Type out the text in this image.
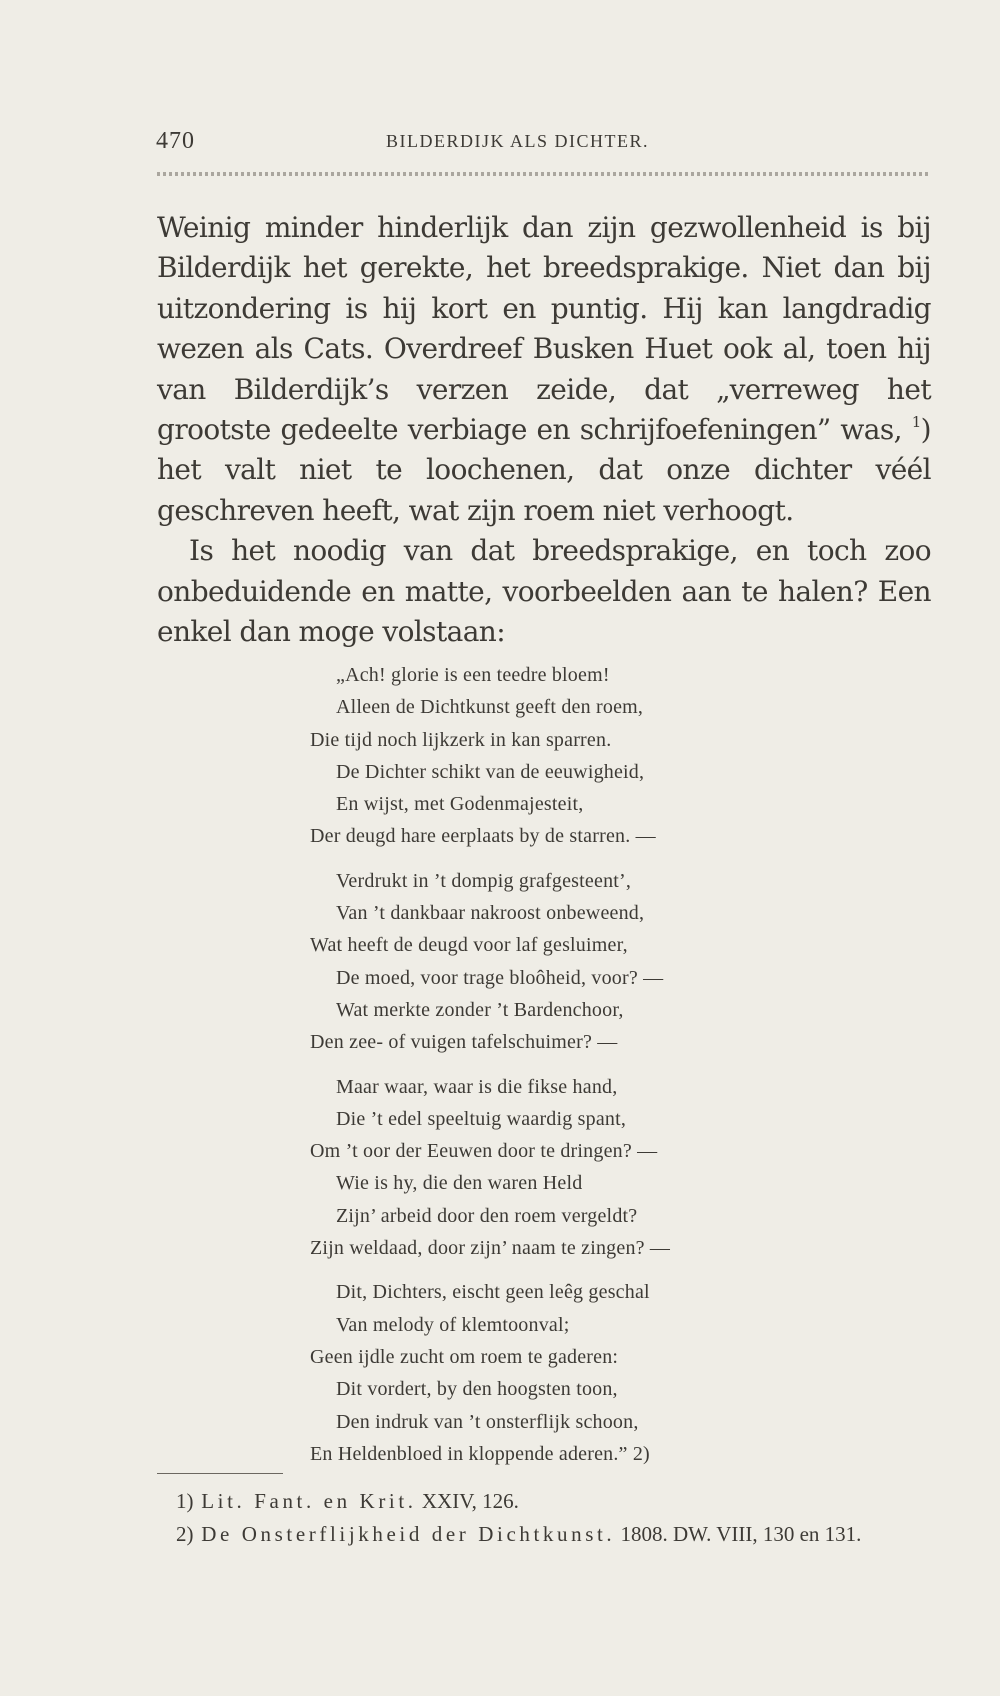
470	BILDERDIJK ALS DICHTER.

Weinig minder hinderlijk dan zijn gezwollenheid is bij Bilderdijk het gerekte, het breedsprakige. Niet dan bij uitzondering is hij kort en puntig. Hij kan langdradig wezen als Cats. Overdreef Busken Huet ook al, toen hij van Bilderdijk’s verzen zeide, dat „verreweg het grootste gedeelte verbiage en schrijfoefeningen” was, $^1$) het valt niet te loochenen, dat onze dichter véél geschreven heeft, wat zijn roem niet verhoogt.

Is het noodig van dat breedsprakige, en toch zoo onbeduidende en matte, voorbeelden aan te halen? Een enkel dan moge volstaan:

„Ach! glorie is een teedre bloem!
Alleen de Dichtkunst geeft den roem,
Die tijd noch lijkzerk in kan sparren.
De Dichter schikt van de eeuwigheid,
En wijst, met Godenmajesteit,
Der deugd hare eerplaats by de starren. —
Verdrukt in ’t dompig grafgesteent’,
Van ’t dankbaar nakroost onbeweend,
Wat heeft de deugd voor laf gesluimer,
De moed, voor trage bloôheid, voor? —
Wat merkte zonder ’t Bardenchoor,
Den zee- of vuigen tafelschuimer? —
Maar waar, waar is die fikse hand,
Die ’t edel speeltuig waardig spant,
Om ’t oor der Eeuwen door te dringen? —
Wie is hy, die den waren Held
Zijn’ arbeid door den roem vergeldt?
Zijn weldaad, door zijn’ naam te zingen? —
Dit, Dichters, eischt geen leêg geschal
Van melody of klemtoonval;
Geen ijdle zucht om roem te gaderen:
Dit vordert, by den hoogsten toon,
Den indruk van ’t onsterflijk schoon,
En Heldenbloed in kloppende aderen.” 2)
1) Lit. Fant. en Krit. XXIV, 126.
2) De Onsterflijkheid der Dichtkunst. 1808. DW. VIII, 130 en 131.
